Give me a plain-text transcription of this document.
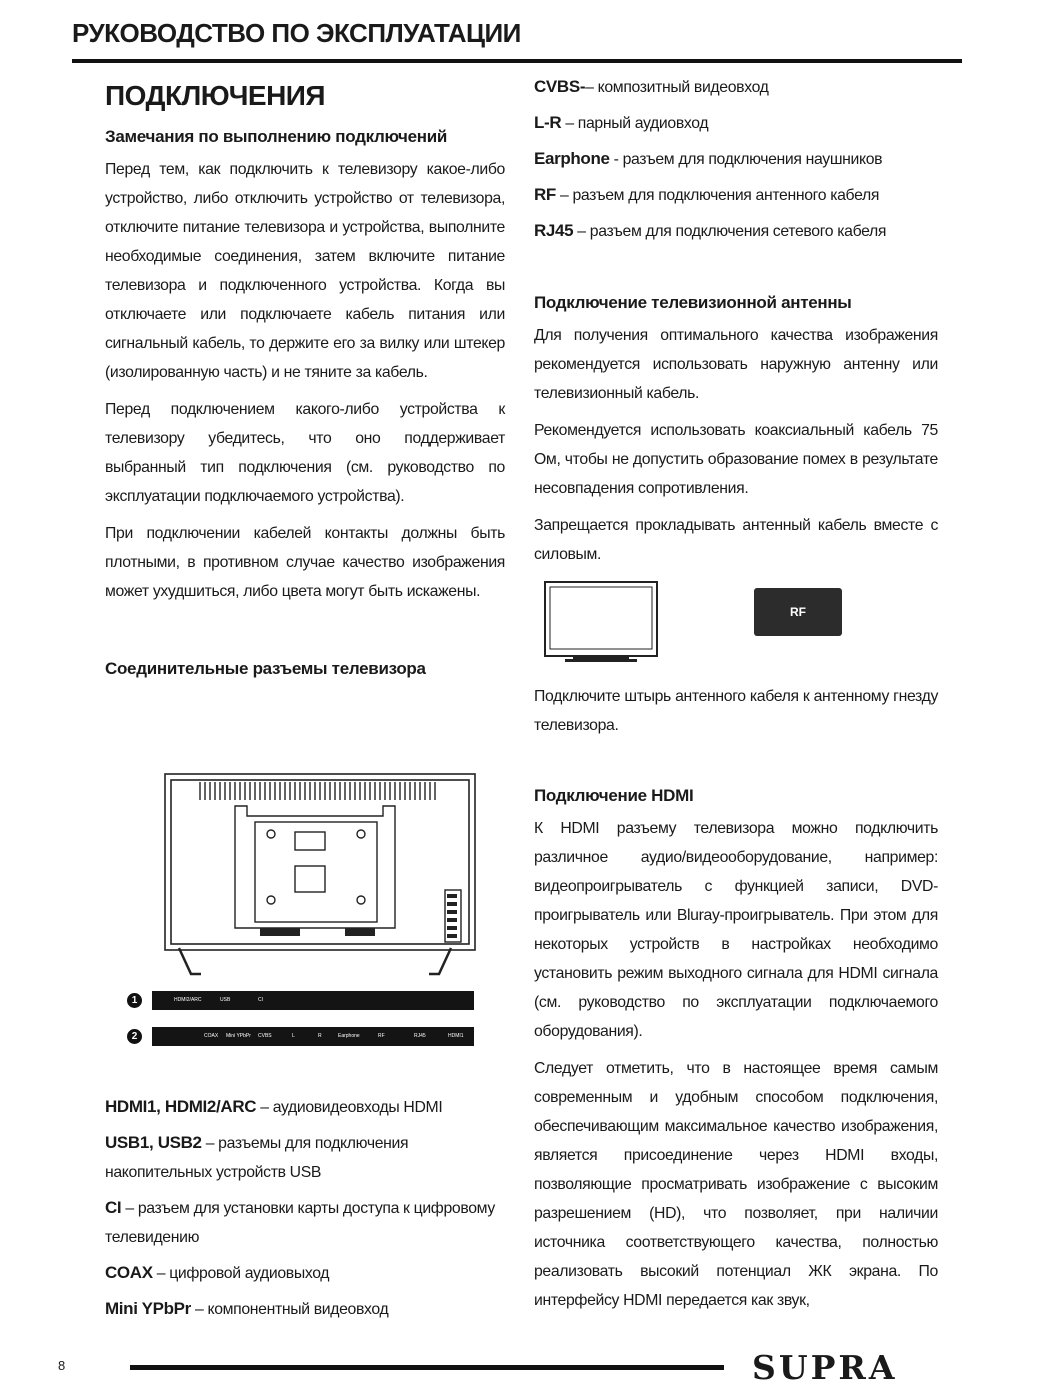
РУКОВОДСТВО ПО ЭКСПЛУАТАЦИИ
ПОДКЛЮЧЕНИЯ
Замечания по выполнению подключений

Перед тем, как подключить к телевизору какое-либо устройство, либо отключить устройство от телевизора, отключите питание телевизора и устройства, выполните необходимые соединения, затем включите питание телевизора и подключенного устройства. Когда вы отключаете или подключаете кабель питания или сигнальный кабель, то держите его за вилку или штекер (изолированную часть) и не тяните за кабель.

Перед подключением какого-либо устройства к телевизору убедитесь, что оно поддерживает выбранный тип подключения (см. руководство по эксплуатации подключаемого устройства).

При подключении кабелей контакты должны быть плотными, в противном случае качество изображения может ухудшиться, либо цвета могут быть искажены.

Соединительные разъемы телевизора
HDMI1, HDMI2/ARC – аудиовидеовходы HDMI
USB1, USB2 – разъемы для подключения накопительных устройств USB
CI – разъем для установки карты доступа к цифровому телевидению
COAX – цифровой аудиовыход
Mini YPbPr – компонентный видеовход
1	HDMI2/ARC	USB	CI
2	COAX Mini YPbPr CVBS	L	R	Earphone	RF	RJ45	HDMI1
CVBS-– композитный видеовход
L-R – парный аудиовход
Earphone - разъем для подключения наушников
RF – разъем для подключения антенного кабеля
RJ45 – разъем для подключения сетевого кабеля
Подключение телевизионной антенны

Для получения оптимального качества изображения рекомендуется использовать наружную антенну или телевизионный кабель.

Рекомендуется использовать коаксиальный кабель 75 Ом, чтобы не допустить образование помех в результате несовпадения сопротивления.

Запрещается прокладывать антенный кабель вместе с силовым.

RF

Подключите штырь антенного кабеля к антенному гнезду телевизора.

Подключение HDMI

К HDMI разъему телевизора можно подключить различное аудио/видеооборудование, например: видеопроигрыватель с функцией записи, DVD-проигрыватель или Bluray-проигрыватель. При этом для некоторых устройств в настройках необходимо установить режим выходного сигнала для HDMI сигнала (см. руководство по эксплуатации подключаемого оборудования).

Следует отметить, что в настоящее время самым современным и удобным способом подключения, обеспечивающим максимальное качество изображения, является присоединение через HDMI входы, позволяющие просматривать изображение с высоким разрешением (HD), что позволяет, при наличии источника соответствующего качества, полностью реализовать высокий потенциал ЖК экрана. По интерфейсу HDMI передается как звук,

8	SUPRA
